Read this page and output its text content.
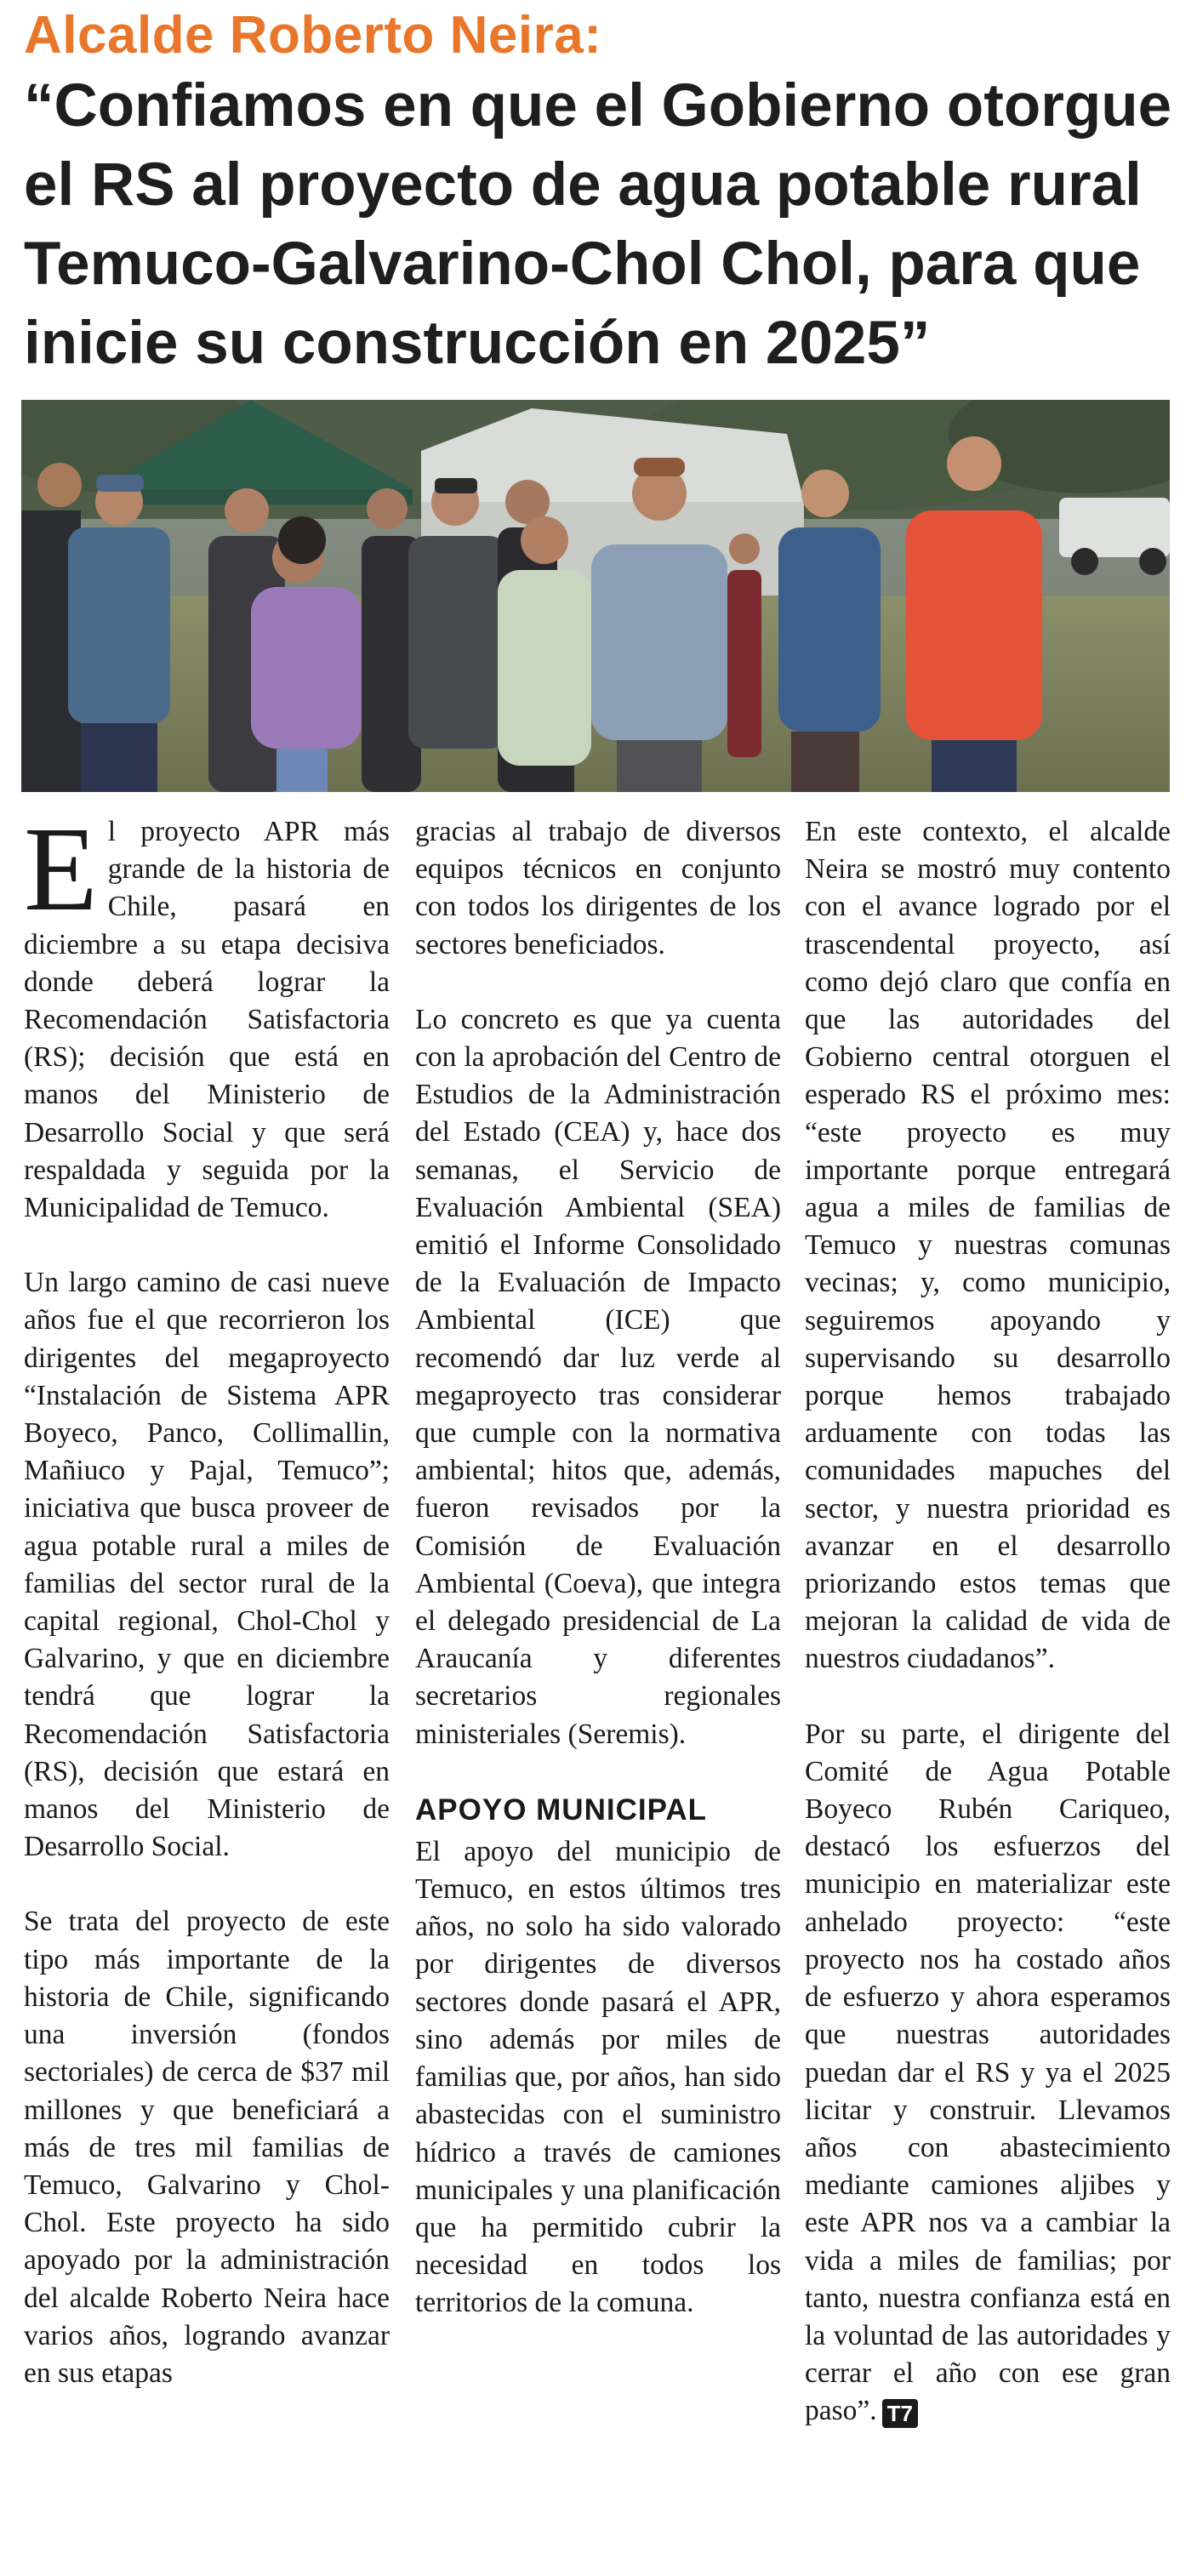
Alcalde Roberto Neira:
“Confiamos en que el Gobierno otorgue el RS al proyecto de agua potable rural Temuco-Galvarino-Chol Chol, para que inicie su construcción en 2025”

El proyecto APR más grande de la historia de Chile, pasará en diciembre a su etapa decisiva donde deberá lograr la Recomendación Satisfactoria (RS); decisión que está en manos del Ministerio de Desarrollo Social y que será respaldada y seguida por la Municipalidad de Temuco.

Un largo camino de casi nueve años fue el que recorrieron los dirigentes del megaproyecto “Instalación de Sistema APR Boyeco, Panco, Collimallin, Mañiuco y Pajal, Temuco”; iniciativa que busca proveer de agua potable rural a miles de familias del sector rural de la capital regional, Chol-Chol y Galvarino, y que en diciembre tendrá que lograr la Recomendación Satisfactoria (RS), decisión que estará en manos del Ministerio de Desarrollo Social.

Se trata del proyecto de este tipo más importante de la historia de Chile, significando una inversión (fondos sectoriales) de cerca de $37 mil millones y que beneficiará a más de tres mil familias de Temuco, Galvarino y Chol-Chol. Este proyecto ha sido apoyado por la administración del alcalde Roberto Neira hace varios años, logrando avanzar en sus etapas

gracias al trabajo de diversos equipos técnicos en conjunto con todos los dirigentes de los sectores beneficiados.

Lo concreto es que ya cuenta con la aprobación del Centro de Estudios de la Administración del Estado (CEA) y, hace dos semanas, el Servicio de Evaluación Ambiental (SEA) emitió el Informe Consolidado de la Evaluación de Impacto Ambiental (ICE) que recomendó dar luz verde al megaproyecto tras considerar que cumple con la normativa ambiental; hitos que, además, fueron revisados por la Comisión de Evaluación Ambiental (Coeva), que integra el delegado presidencial de La Araucanía y diferentes secretarios regionales ministeriales (Seremis).

APOYO MUNICIPAL

El apoyo del municipio de Temuco, en estos últimos tres años, no solo ha sido valorado por dirigentes de diversos sectores donde pasará el APR, sino además por miles de familias que, por años, han sido abastecidas con el suministro hídrico a través de camiones municipales y una planificación que ha permitido cubrir la necesidad en todos los territorios de la comuna.

En este contexto, el alcalde Neira se mostró muy contento con el avance logrado por el trascendental proyecto, así como dejó claro que confía en que las autoridades del Gobierno central otorguen el esperado RS el próximo mes: “este proyecto es muy importante porque entregará agua a miles de familias de Temuco y nuestras comunas vecinas; y, como municipio, seguiremos apoyando y supervisando su desarrollo porque hemos trabajado arduamente con todas las comunidades mapuches del sector, y nuestra prioridad es avanzar en el desarrollo priorizando estos temas que mejoran la calidad de vida de nuestros ciudadanos”.

Por su parte, el dirigente del Comité de Agua Potable Boyeco Rubén Cariqueo, destacó los esfuerzos del municipio en materializar este anhelado proyecto: “este proyecto nos ha costado años de esfuerzo y ahora esperamos que nuestras autoridades puedan dar el RS y ya el 2025 licitar y construir. Llevamos años con abastecimiento mediante camiones aljibes y este APR nos va a cambiar la vida a miles de familias; por tanto, nuestra confianza está en la voluntad de las autoridades y cerrar el año con ese gran paso”. T7
